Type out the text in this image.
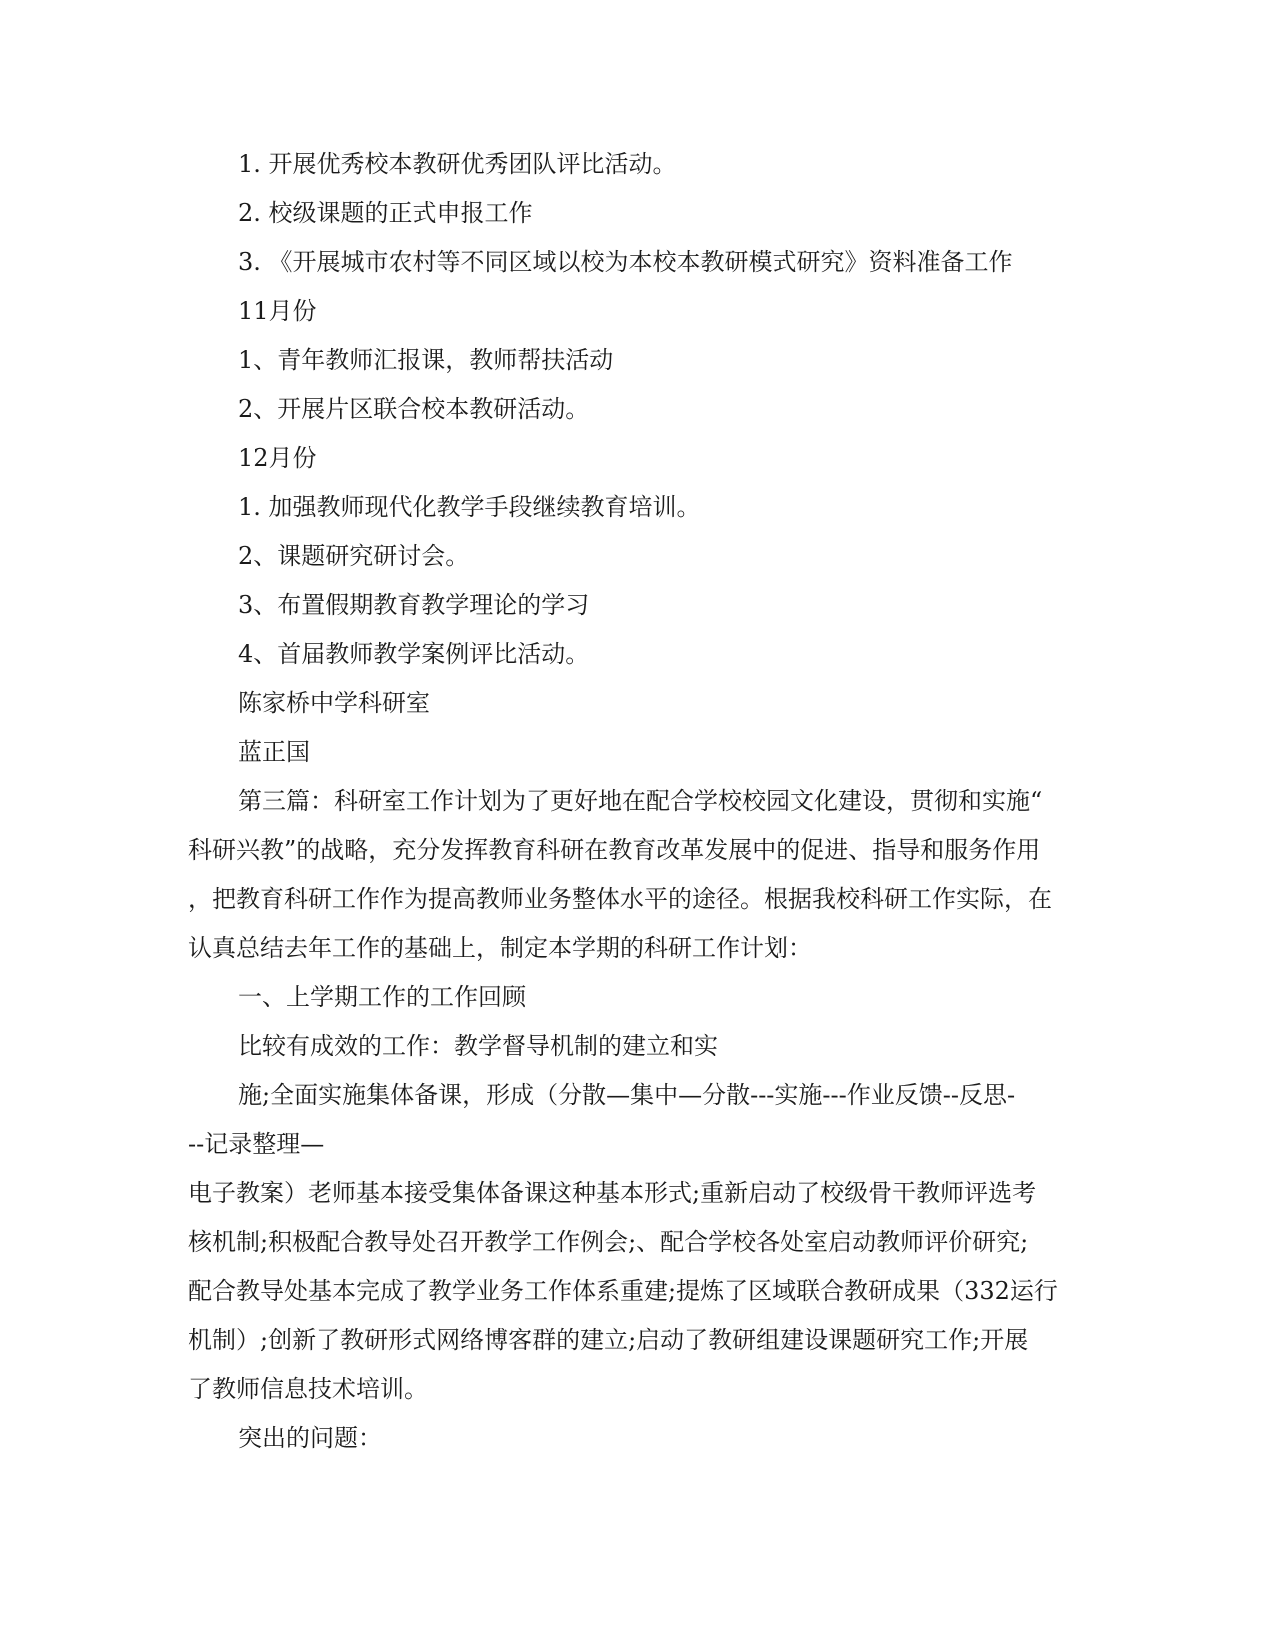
1. 开展优秀校本教研优秀团队评比活动。
2. 校级课题的正式申报工作
3. 《开展城市农村等不同区域以校为本校本教研模式研究》资料准备工作
11月份
1、青年教师汇报课，教师帮扶活动
2、开展片区联合校本教研活动。
12月份
1. 加强教师现代化教学手段继续教育培训。
2、课题研究研讨会。
3、布置假期教育教学理论的学习
4、首届教师教学案例评比活动。
陈家桥中学科研室
蓝正国
第三篇：科研室工作计划为了更好地在配合学校校园文化建设，贯彻和实施“
科研兴教”的战略，充分发挥教育科研在教育改革发展中的促进、指导和服务作用
，把教育科研工作作为提高教师业务整体水平的途径。根据我校科研工作实际，在
认真总结去年工作的基础上，制定本学期的科研工作计划：
一、上学期工作的工作回顾
比较有成效的工作：教学督导机制的建立和实
施;全面实施集体备课，形成（分散—集中—分散---实施---作业反馈--反思-
--记录整理—
电子教案）老师基本接受集体备课这种基本形式;重新启动了校级骨干教师评选考
核机制;积极配合教导处召开教学工作例会;、配合学校各处室启动教师评价研究;
配合教导处基本完成了教学业务工作体系重建;提炼了区域联合教研成果（332运行
机制）;创新了教研形式网络博客群的建立;启动了教研组建设课题研究工作;开展
了教师信息技术培训。
突出的问题：
